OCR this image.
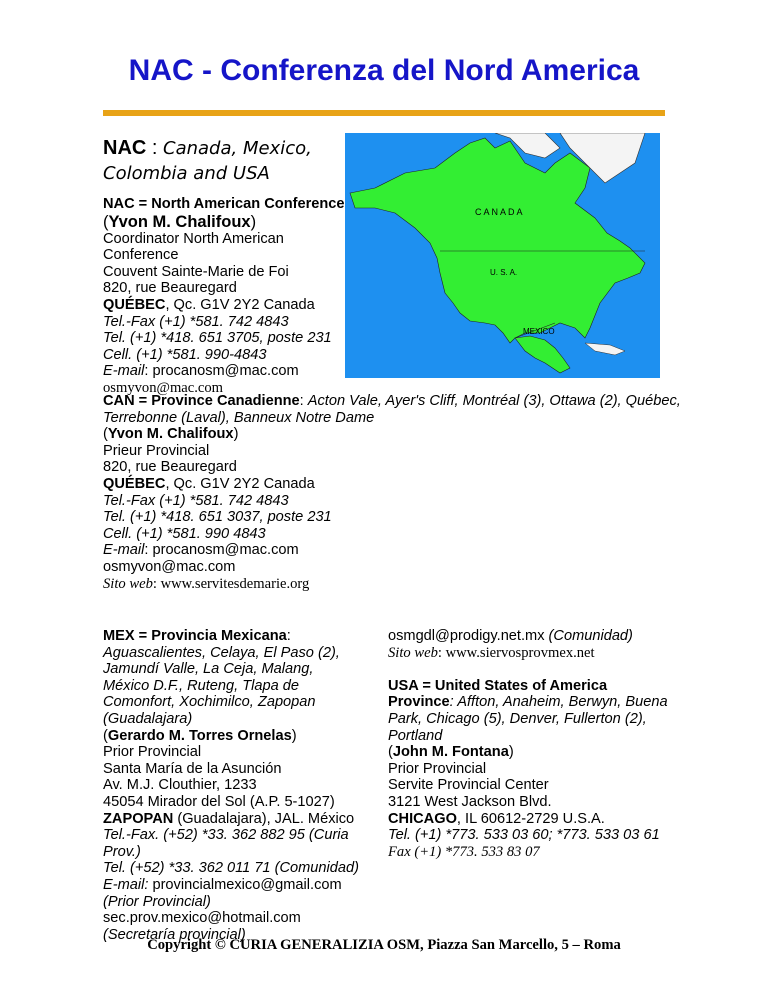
NAC - Conferenza del Nord America
NAC : Canada, Mexico, Colombia and USA
NAC = North American Conference
(Yvon M. Chalifoux)
Coordinator North American Conference
Couvent Sainte-Marie de Foi
820, rue Beauregard
QUÉBEC, Qc. G1V 2Y2 Canada
Tel.-Fax (+1) *581. 742 4843
Tel. (+1) *418. 651 3705, poste 231
Cell. (+1) *581. 990-4843
E-mail: procanosm@mac.com
osmyvon@mac.com
CANADA
U. S. A.
MEXICO
CAN = Province Canadienne: Acton Vale, Ayer's Cliff, Montréal (3), Ottawa (2), Québec, Terrebonne (Laval), Banneux Notre Dame
(Yvon M. Chalifoux)
Prieur Provincial
820, rue Beauregard
QUÉBEC, Qc. G1V 2Y2 Canada
Tel.-Fax (+1) *581. 742 4843
Tel. (+1) *418. 651 3037, poste 231
Cell. (+1) *581. 990 4843
E-mail: procanosm@mac.com
osmyvon@mac.com
Sito web: www.servitesdemarie.org
MEX = Provincia Mexicana:
Aguascalientes, Celaya, El Paso (2), Jamundí Valle, La Ceja, Malang, México D.F., Ruteng, Tlapa de Comonfort, Xochimilco, Zapopan (Guadalajara)
(Gerardo M. Torres Ornelas)
Prior Provincial
Santa María de la Asunción
Av. M.J. Clouthier, 1233
45054 Mirador del Sol (A.P. 5-1027)
ZAPOPAN (Guadalajara), JAL. México
Tel.-Fax. (+52) *33. 362 882 95 (Curia Prov.)
Tel. (+52) *33. 362 011 71 (Comunidad)
E-mail: provincialmexico@gmail.com
(Prior Provincial)
sec.prov.mexico@hotmail.com
(Secretaría provincial)
osmgdl@prodigy.net.mx (Comunidad)
Sito web: www.siervosprovmex.net
USA = United States of America
Province: Affton, Anaheim, Berwyn, Buena Park, Chicago (5), Denver, Fullerton (2), Portland
(John M. Fontana)
Prior Provincial
Servite Provincial Center
3121 West Jackson Blvd.
CHICAGO, IL 60612-2729 U.S.A.
Tel. (+1) *773. 533 03 60; *773. 533 03 61
Fax (+1) *773. 533 83 07
Copyright © CURIA GENERALIZIA OSM, Piazza San Marcello, 5 – Roma
